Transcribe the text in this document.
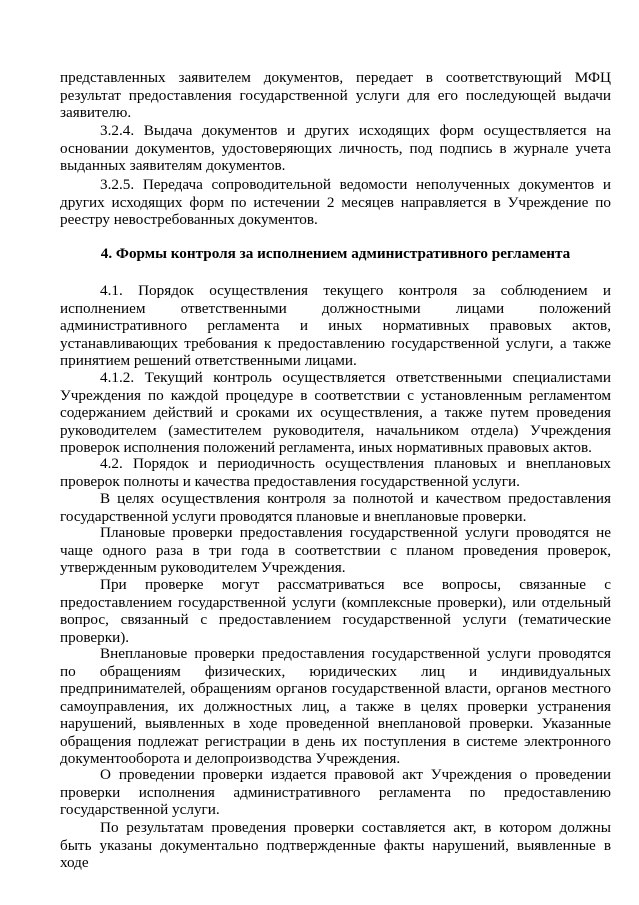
представленных заявителем документов, передает в соответствующий МФЦ результат предоставления государственной услуги для его последующей выдачи заявителю.

3.2.4. Выдача документов и других исходящих форм осуществляется на основании документов, удостоверяющих личность, под подпись в журнале учета выданных заявителям документов.

3.2.5. Передача сопроводительной ведомости неполученных документов и других исходящих форм по истечении 2 месяцев направляется в Учреждение по реестру невостребованных документов.

4. Формы контроля за исполнением административного регламента

4.1. Порядок осуществления текущего контроля за соблюдением и исполнением ответственными должностными лицами положений административного регламента и иных нормативных правовых актов, устанавливающих требования к предоставлению государственной услуги, а также принятием решений ответственными лицами.

4.1.2. Текущий контроль осуществляется ответственными специалистами Учреждения по каждой процедуре в соответствии с установленным регламентом содержанием действий и сроками их осуществления, а также путем проведения руководителем (заместителем руководителя, начальником отдела) Учреждения проверок исполнения положений регламента, иных нормативных правовых актов.

4.2. Порядок и периодичность осуществления плановых и внеплановых проверок полноты и качества предоставления государственной услуги.

В целях осуществления контроля за полнотой и качеством предоставления государственной услуги проводятся плановые и внеплановые проверки.

Плановые проверки предоставления государственной услуги проводятся не чаще одного раза в три года в соответствии с планом проведения проверок, утвержденным руководителем Учреждения.

При проверке могут рассматриваться все вопросы, связанные с предоставлением государственной услуги (комплексные проверки), или отдельный вопрос, связанный с предоставлением государственной услуги (тематические проверки).

Внеплановые проверки предоставления государственной услуги проводятся по обращениям физических, юридических лиц и индивидуальных предпринимателей, обращениям органов государственной власти, органов местного самоуправления, их должностных лиц, а также в целях проверки устранения нарушений, выявленных в ходе проведенной внеплановой проверки. Указанные обращения подлежат регистрации в день их поступления в системе электронного документооборота и делопроизводства Учреждения.

О проведении проверки издается правовой акт Учреждения о проведении проверки исполнения административного регламента по предоставлению государственной услуги.

По результатам проведения проверки составляется акт, в котором должны быть указаны документально подтвержденные факты нарушений, выявленные в ходе
